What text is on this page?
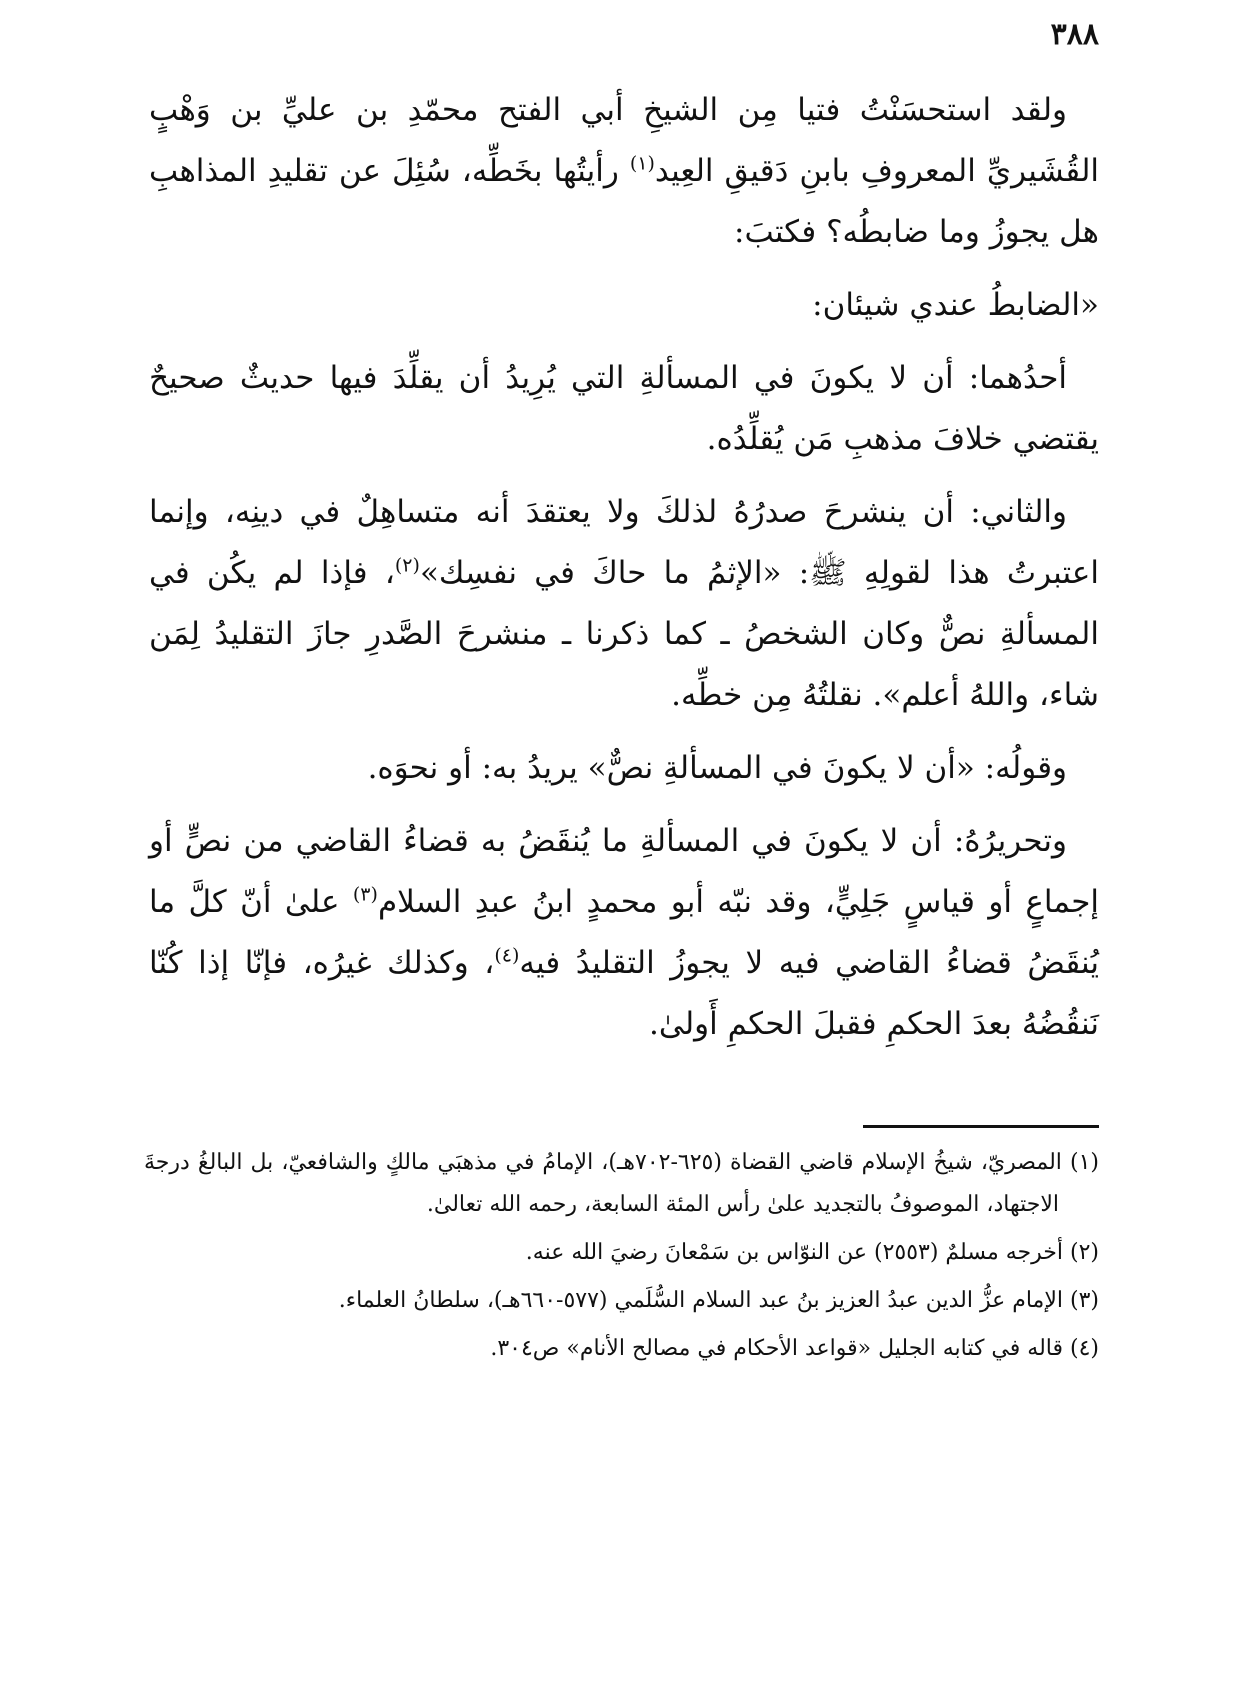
٣٨٨

ولقد استحسَنْتُ فتيا مِن الشيخِ أبي الفتح محمّدِ بن عليِّ بن وَهْبٍ القُشَيريِّ المعروفِ بابنِ دَقيقِ العِيد$^{(١)}$ رأيتُها بخَطِّه، سُئِلَ عن تقليدِ المذاهبِ هل يجوزُ وما ضابطُه؟ فكتبَ:

«الضابطُ عندي شيئان:

أحدُهما: أن لا يكونَ في المسألةِ التي يُرِيدُ أن يقلِّدَ فيها حديثٌ صحيحٌ يقتضي خلافَ مذهبِ مَن يُقلِّدُه.

والثاني: أن ينشرحَ صدرُهُ لذلكَ ولا يعتقدَ أنه متساهِلٌ في دينِه، وإنما اعتبرتُ هذا لقولِهِ ﷺ: «الإثمُ ما حاكَ في نفسِك»$^{(٢)}$، فإذا لم يكُن في المسألةِ نصٌّ وكان الشخصُ ـ كما ذكرنا ـ منشرحَ الصَّدرِ جازَ التقليدُ لِمَن شاء، واللهُ أعلم». نقلتُهُ مِن خطِّه.

وقولُه: «أن لا يكونَ في المسألةِ نصٌّ» يريدُ به: أو نحوَه.

وتحريرُهُ: أن لا يكونَ في المسألةِ ما يُنقَضُ به قضاءُ القاضي من نصٍّ أو إجماعٍ أو قياسٍ جَلِيٍّ، وقد نبّه أبو محمدٍ ابنُ عبدِ السلام$^{(٣)}$ علىٰ أنّ كلَّ ما يُنقَضُ قضاءُ القاضي فيه لا يجوزُ التقليدُ فيه$^{(٤)}$، وكذلك غيرُه، فإنّا إذا كُنّا نَنقُضُهُ بعدَ الحكمِ فقبلَ الحكمِ أَولىٰ.

(١) المصريّ، شيخُ الإسلام قاضي القضاة (٦٢٥-٧٠٢هـ)، الإمامُ في مذهبَي مالكٍ والشافعيّ، بل البالغُ درجةَ الاجتهاد، الموصوفُ بالتجديد علىٰ رأس المئة السابعة، رحمه الله تعالىٰ.

(٢) أخرجه مسلمٌ (٢٥٥٣) عن النوّاس بن سَمْعانَ رضيَ الله عنه.

(٣) الإمام عزُّ الدين عبدُ العزيز بنُ عبد السلام السُّلَمي (٥٧٧-٦٦٠هـ)، سلطانُ العلماء.

(٤) قاله في كتابه الجليل «قواعد الأحكام في مصالح الأنام» ص٣٠٤.
